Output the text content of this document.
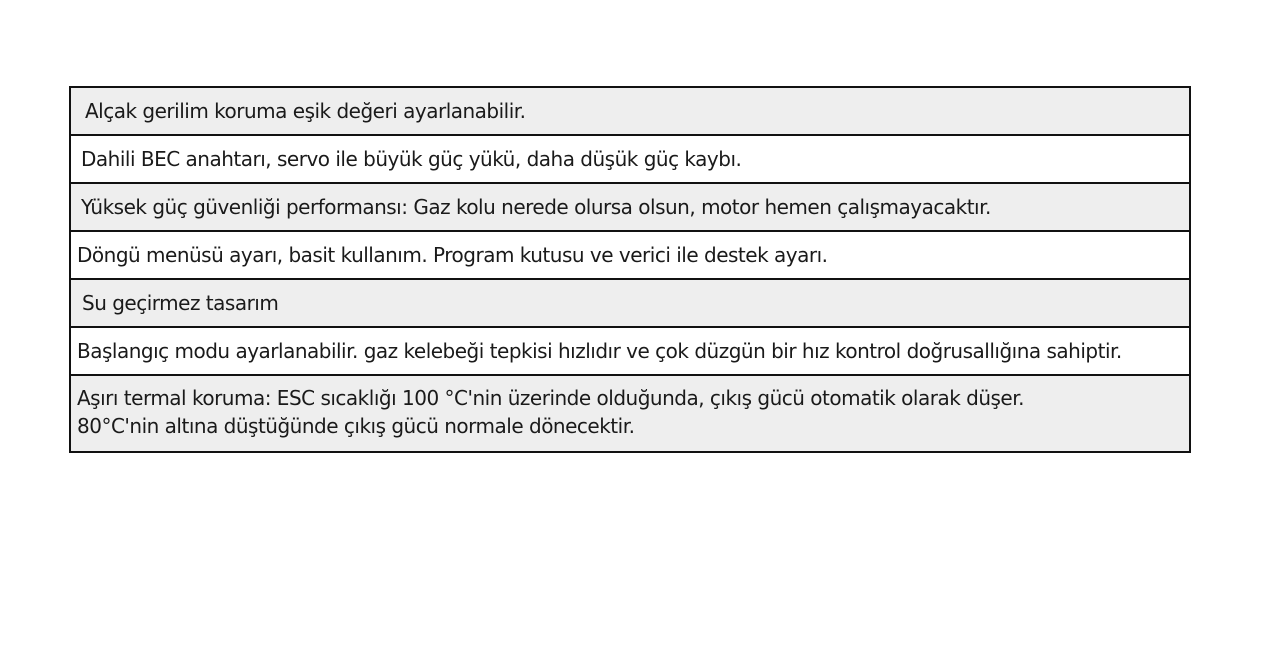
Alçak gerilim koruma eşik değeri ayarlanabilir.
Dahili BEC anahtarı, servo ile büyük güç yükü, daha düşük güç kaybı.
Yüksek güç güvenliği performansı: Gaz kolu nerede olursa olsun, motor hemen çalışmayacaktır.
Döngü menüsü ayarı, basit kullanım. Program kutusu ve verici ile destek ayarı.
Su geçirmez tasarım
Başlangıç modu ayarlanabilir. gaz kelebeği tepkisi hızlıdır ve çok düzgün bir hız kontrol doğrusallığına sahiptir.
Aşırı termal koruma: ESC sıcaklığı 100 °C'nin üzerinde olduğunda, çıkış gücü otomatik olarak düşer.
80°C'nin altına düştüğünde çıkış gücü normale dönecektir.
